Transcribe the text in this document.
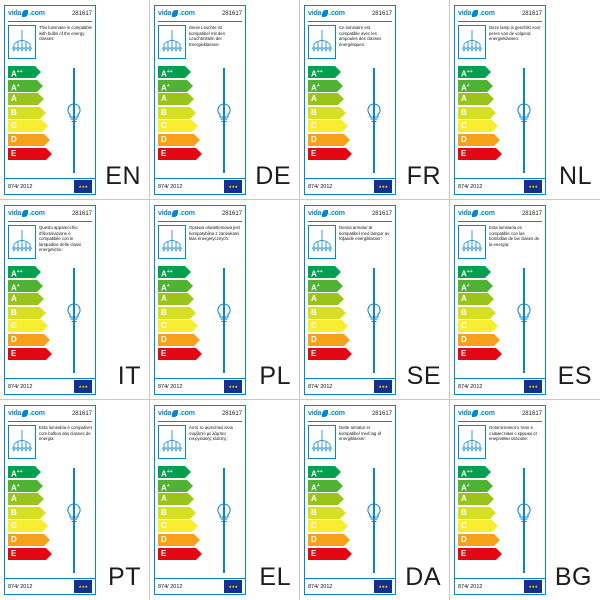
vida .com	281617
This luminaire is compatible with bulbs of the energy classes:
A++
A+
A
B
C
D
E
874/ 2012	★★★ EN
vida .com	281617
Diese Leuchte ist kompatibel mit den Leuchtmitteln der Energieklassen:
A++
A+
A
B
C
D
E
874/ 2012	★★★ DE
vida .com	281617
Ce luminaire est compatible avec les ampoules des classes énergétiques:
A++
A+
A
B
C
D
E
874/ 2012	★★★ FR
vida .com	281617
Deze lamp is geschikt voor peren van de volgend energieklassen:
A++
A+
A
B
C
D
E
874/ 2012	★★★ NL
vida .com	281617
Questo apparecchio d'illuminazione è compatibile con le lampadine delle classi energetiche:
A++
A+
A
B
C
D
E
874/ 2012	★★★ IT
vida .com	281617
Oprawa oświetleniowa jest kompatybilna z żarówkami klas energetycznych:
A++
A+
A
B
C
D
E
874/ 2012	★★★ PL
vida .com	281617
Denna armatur är kompatibel med lampor av följande energiklasser:
A++
A+
A
B
C
D
E
874/ 2012	★★★ SE
vida .com	281617
Esta luminaria es compatible con las bombillas de las clases de la energía:
A++
A+
A
B
C
D
E
874/ 2012	★★★ ES
vida .com	281617
Esta luminária é compatível com bolbos das classes de energia:
A++
A+
A
B
C
D
E
874/ 2012	★★★ PT
vida .com	281617
Αυτό το φωτιστικό είναι συμβατό με λάμπες ενεργειακής κλάσης:
A++
A+
A
B
C
D
E
874/ 2012	★★★ EL
vida .com	281617
Dette armatur er kompatibel med lag af energiklasser:
A++
A+
A
B
C
D
E
874/ 2012	★★★ DA
vida .com	281617
Осветителното тяло е съвместимо с крушки от енергийни класове:
A++
A+
A
B
C
D
E
874/ 2012	★★★ BG
